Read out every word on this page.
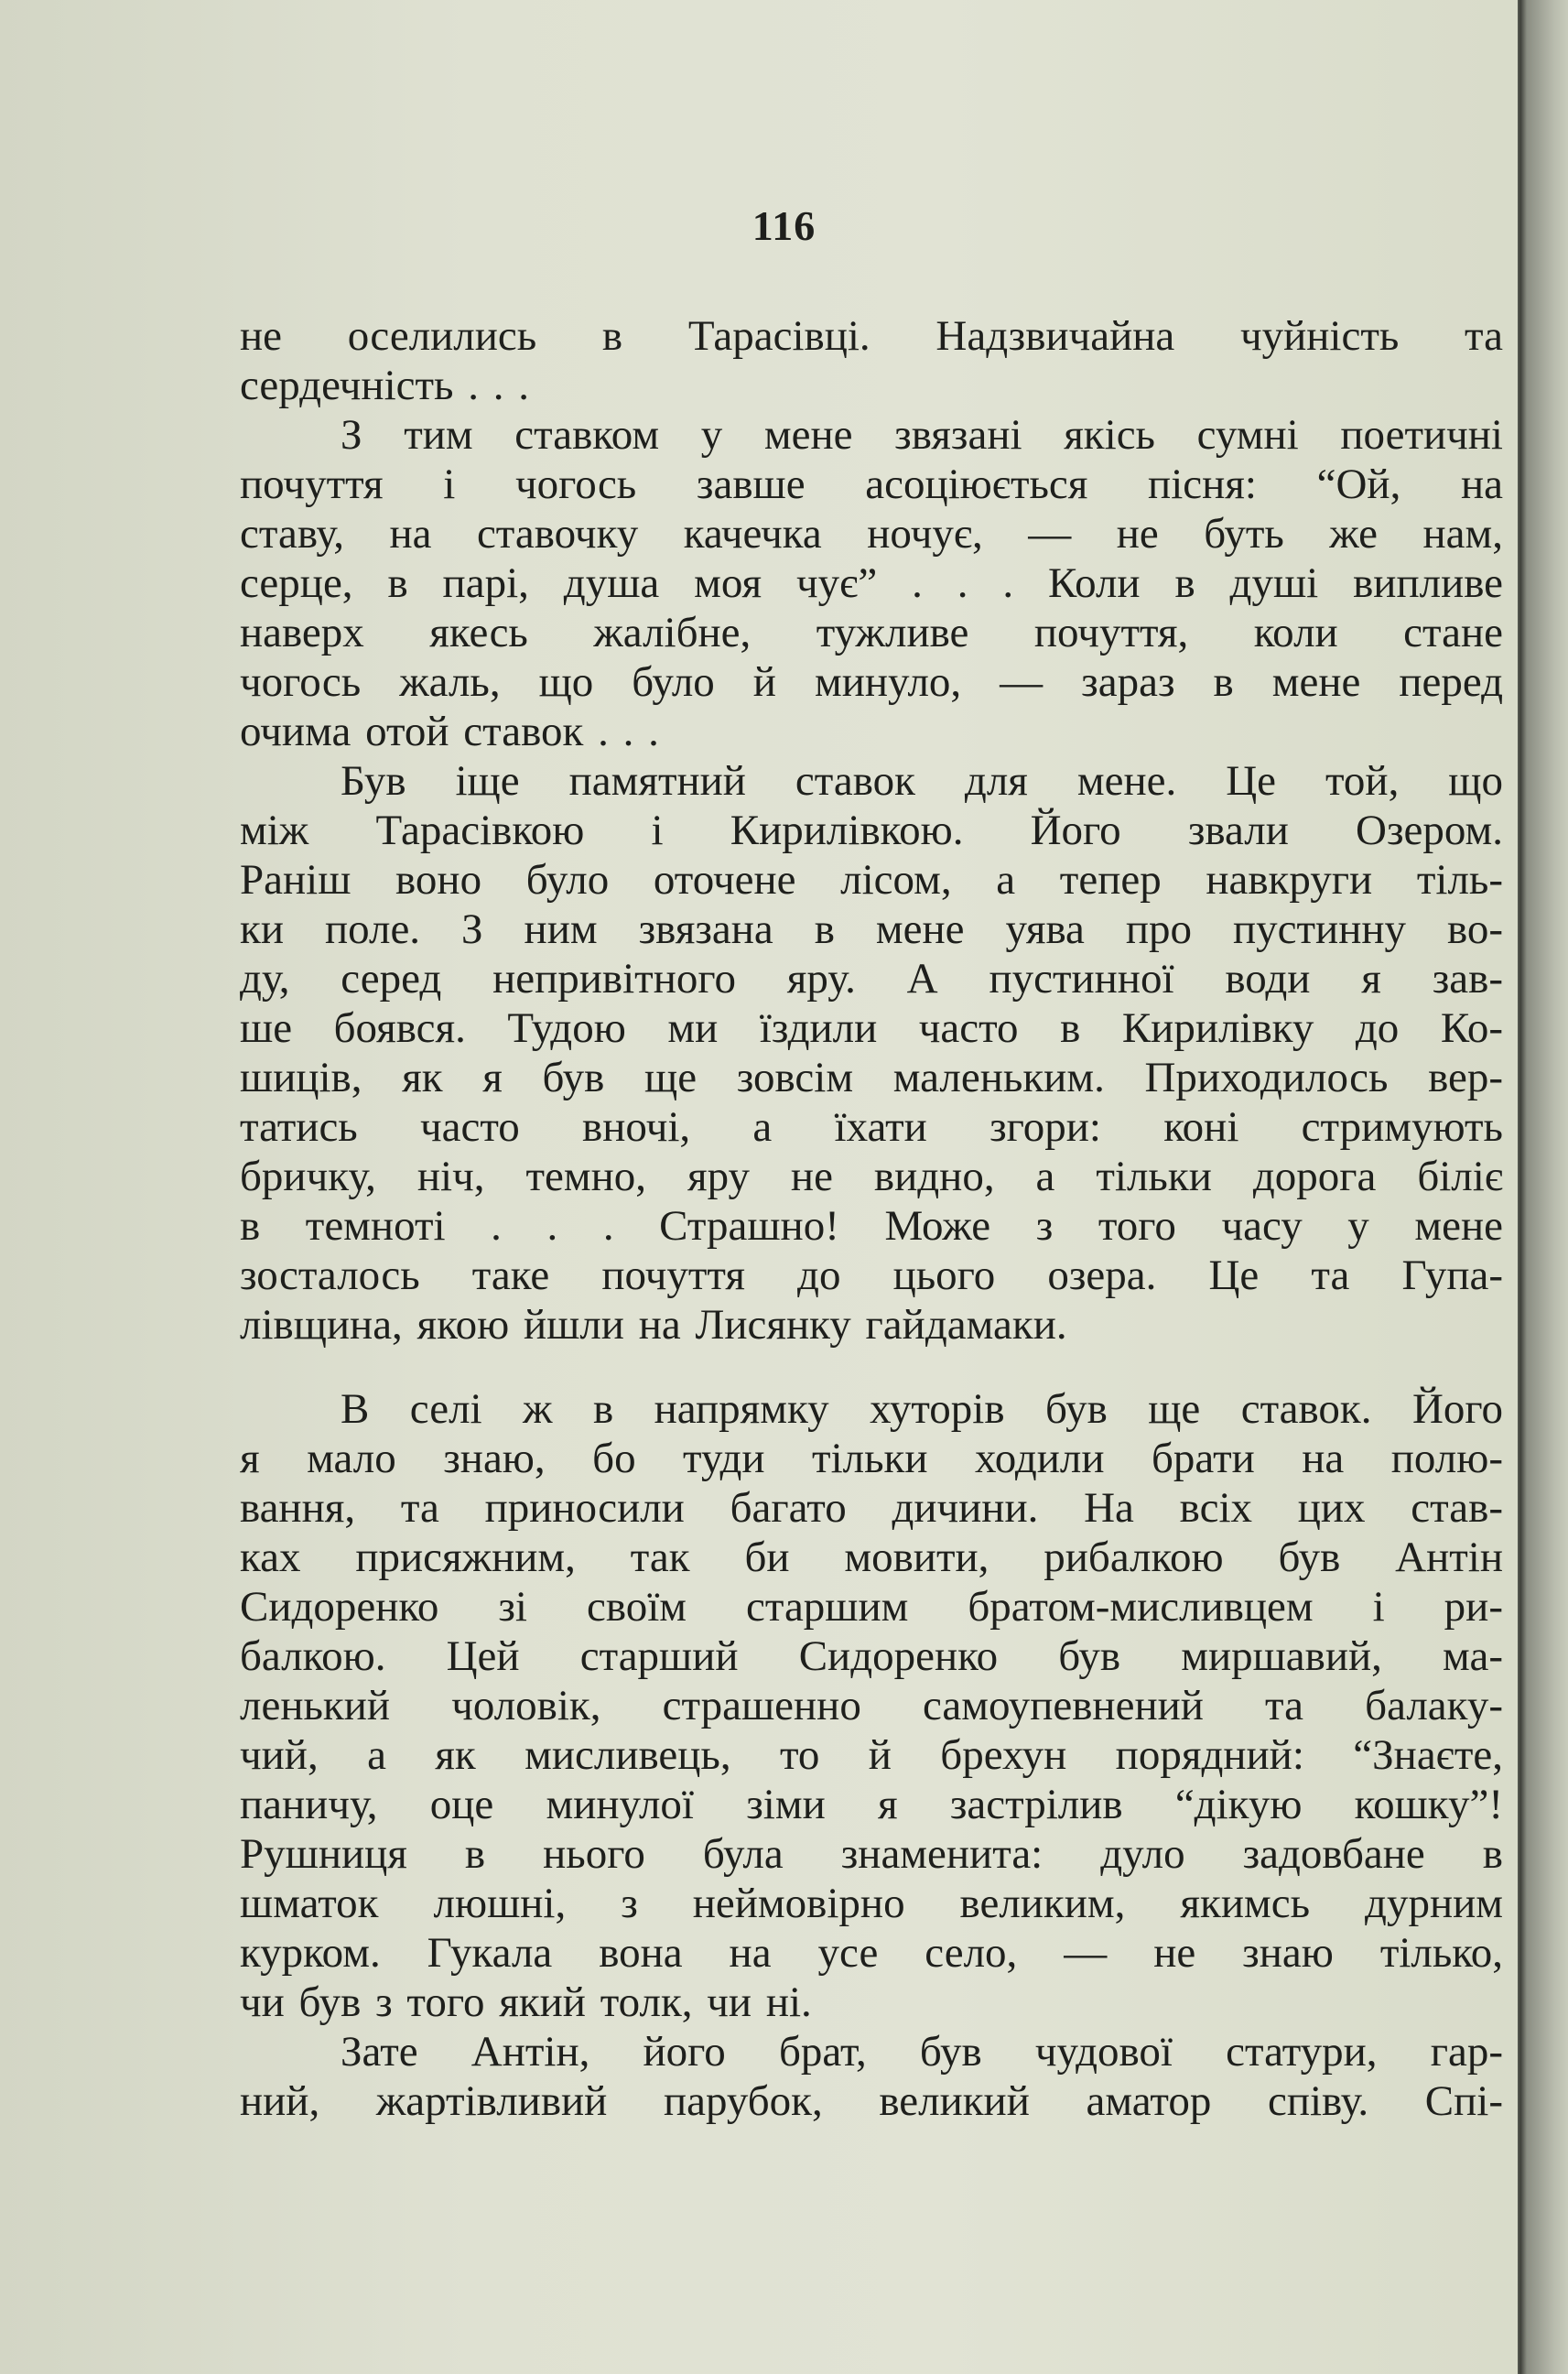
116

не оселились в Тарасівці. Надзвичайна чуйність та
сердечність . . .

З тим ставком у мене звязані якісь сумні поетичні
почуття і чогось завше асоціюється пісня: “Ой, на
ставу, на ставочку качечка ночує, — не буть же нам,
серце, в парі, душа моя чує” . . . Коли в душі випливе
наверх якесь жалібне, тужливе почуття, коли стане
чогось жаль, що було й минуло, — зараз в мене перед
очима отой ставок . . .

Був іще памятний ставок для мене. Це той, що
між Тарасівкою і Кирилівкою. Його звали Озером.
Раніш воно було оточене лісом, а тепер навкруги тіль-
ки поле. З ним звязана в мене уява про пустинну во-
ду, серед непривітного яру. А пустинної води я зав-
ше боявся. Тудою ми їздили часто в Кирилівку до Ко-
шиців, як я був ще зовсім маленьким. Приходилось вер-
татись часто вночі, а їхати згори: коні стримують
бричку, ніч, темно, яру не видно, а тільки дорога біліє
в темноті . . . Страшно! Може з того часу у мене
зосталось таке почуття до цього озера. Це та Гупа-
лівщина, якою йшли на Лисянку гайдамаки.

В селі ж в напрямку хуторів був ще ставок. Його
я мало знаю, бо туди тільки ходили брати на полю-
вання, та приносили багато дичини. На всіх цих став-
ках присяжним, так би мовити, рибалкою був Антін
Сидоренко зі своїм старшим братом-мисливцем і ри-
балкою. Цей старший Сидоренко був миршавий, ма-
ленький чоловік, страшенно самоупевнений та балаку-
чий, а як мисливець, то й брехун порядний: “Знаєте,
паничу, оце минулої зіми я застрілив “дікую кошку”!
Рушниця в нього була знаменита: дуло задовбане в
шматок люшні, з неймовірно великим, якимсь дурним
курком. Гукала вона на усе село, — не знаю тілько,
чи був з того який толк, чи ні.

Зате Антін, його брат, був чудової статури, гар-
ний, жартівливий парубок, великий аматор співу. Спі-
